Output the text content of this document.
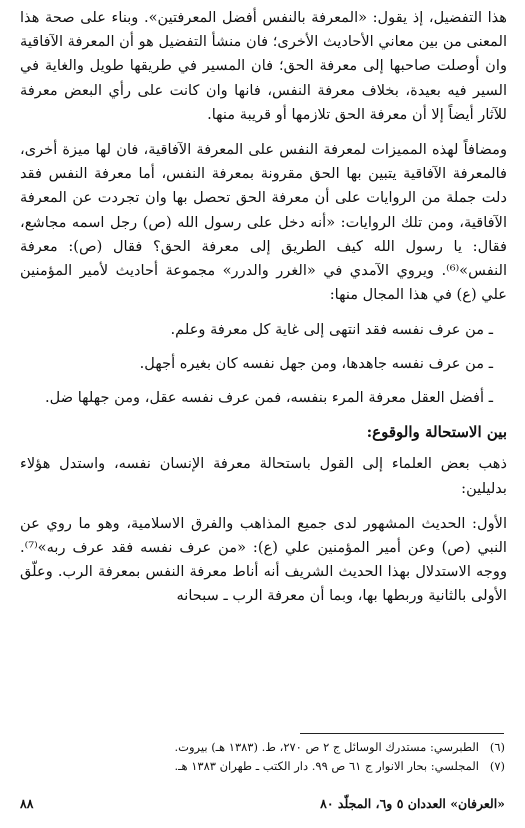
هذا التفضيل، إذ يقول: «المعرفة بالنفس أفضل المعرفتين». وبناء على صحة هذا المعنى من بين معاني الأحاديث الأخرى؛ فان منشأ التفضيل هو أن المعرفة الآفاقية وان أوصلت صاحبها إلى معرفة الحق؛ فان المسير في طريقها طويل والغاية في السير فيه بعيدة، بخلاف معرفة النفس، فانها وان كانت على رأي البعض معرفة للآثار أيضاً إلا أن معرفة الحق تلازمها أو قريبة منها.

ومضافاً لهذه المميزات لمعرفة النفس على المعرفة الآفاقية، فان لها ميزة أخرى، فالمعرفة الآفاقية يتبين بها الحق مقرونة بمعرفة النفس، أما معرفة النفس فقد دلت جملة من الروايات على أن معرفة الحق تحصل بها وان تجردت عن المعرفة الآفاقية، ومن تلك الروايات: «أنه دخل على رسول الله (ص) رجل اسمه مجاشع، فقال: يا رسول الله كيف الطريق إلى معرفة الحق؟ فقال (ص): معرفة النفس»⁽⁶⁾. ويروي الآمدي في «الغرر والدرر» مجموعة أحاديث لأمير المؤمنين علي (ع) في هذا المجال منها:

ـ من عرف نفسه فقد انتهى إلى غاية كل معرفة وعلم.

ـ من عرف نفسه جاهدها، ومن جهل نفسه كان بغيره أجهل.

ـ أفضل العقل معرفة المرء بنفسه، فمن عرف نفسه عقل، ومن جهلها ضل.

بين الاستحالة والوقوع:

ذهب بعض العلماء إلى القول باستحالة معرفة الإنسان نفسه، واستدل هؤلاء بدليلين:

الأول: الحديث المشهور لدى جميع المذاهب والفرق الاسلامية، وهو ما روي عن النبي (ص) وعن أمير المؤمنين علي (ع): «من عرف نفسه فقد عرف ربه»⁽⁷⁾. ووجه الاستدلال بهذا الحديث الشريف أنه أناط معرفة النفس بمعرفة الرب. وعلّق الأولى بالثانية وربطها بها، وبما أن معرفة الرب ـ سبحانه

(٦)
الطبرسي: مستدرك الوسائل ج ٢ ص ٢٧٠، ط. (١٣٨٣ هـ) بيروت.
(٧)
المجلسي: بحار الانوار ج ٦١ ص ٩٩. دار الكتب ـ طهران ١٣٨٣ هـ.
٨٨	«العرفان» العددان ٥ و٦، المجلّد ٨٠
